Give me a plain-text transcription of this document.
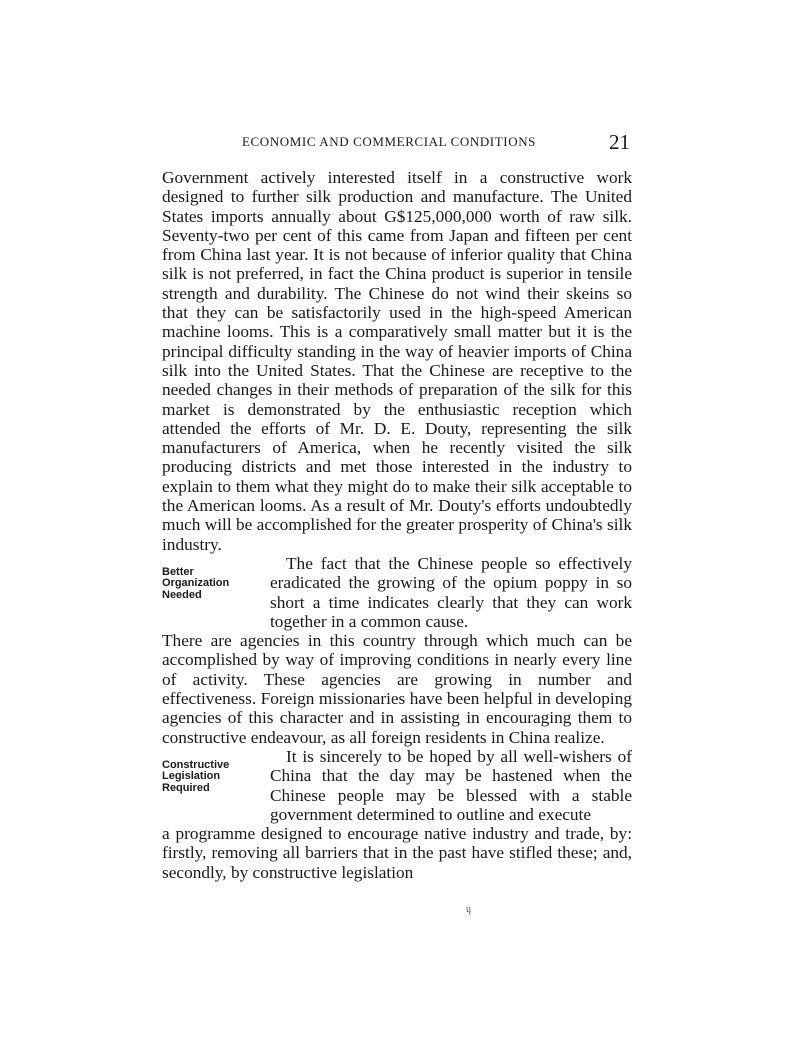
ECONOMIC AND COMMERCIAL CONDITIONS	21

Government actively interested itself in a constructive work designed to further silk production and manufacture. The United States imports annually about G$125,000,000 worth of raw silk. Seventy-two per cent of this came from Japan and fifteen per cent from China last year. It is not because of inferior quality that China silk is not preferred, in fact the China product is superior in tensile strength and durability. The Chinese do not wind their skeins so that they can be satisfactorily used in the high-speed American machine looms. This is a comparatively small matter but it is the principal difficulty standing in the way of heavier imports of China silk into the United States. That the Chinese are receptive to the needed changes in their methods of preparation of the silk for this market is demonstrated by the enthusiastic reception which attended the efforts of Mr. D. E. Douty, representing the silk manufacturers of America, when he recently visited the silk producing districts and met those interested in the industry to explain to them what they might do to make their silk acceptable to the American looms. As a result of Mr. Douty's efforts undoubtedly much will be accomplished for the greater prosperity of China's silk industry.

Better
Organization
Needed
The fact that the Chinese people so effectively eradicated the growing of the opium poppy in so short a time indicates clearly that they can work together in a common cause.

There are agencies in this country through which much can be accomplished by way of improving conditions in nearly every line of activity. These agencies are growing in number and effectiveness. Foreign missionaries have been helpful in developing agencies of this character and in assisting in encouraging them to constructive endeavour, as all foreign residents in China realize.

Constructive
Legislation
Required
It is sincerely to be hoped by all well-wishers of China that the day may be hastened when the Chinese people may be blessed with a stable government determined to outline and execute

a programme designed to encourage native industry and trade, by: firstly, removing all barriers that in the past have stifled these; and, secondly, by constructive legislation

ų
